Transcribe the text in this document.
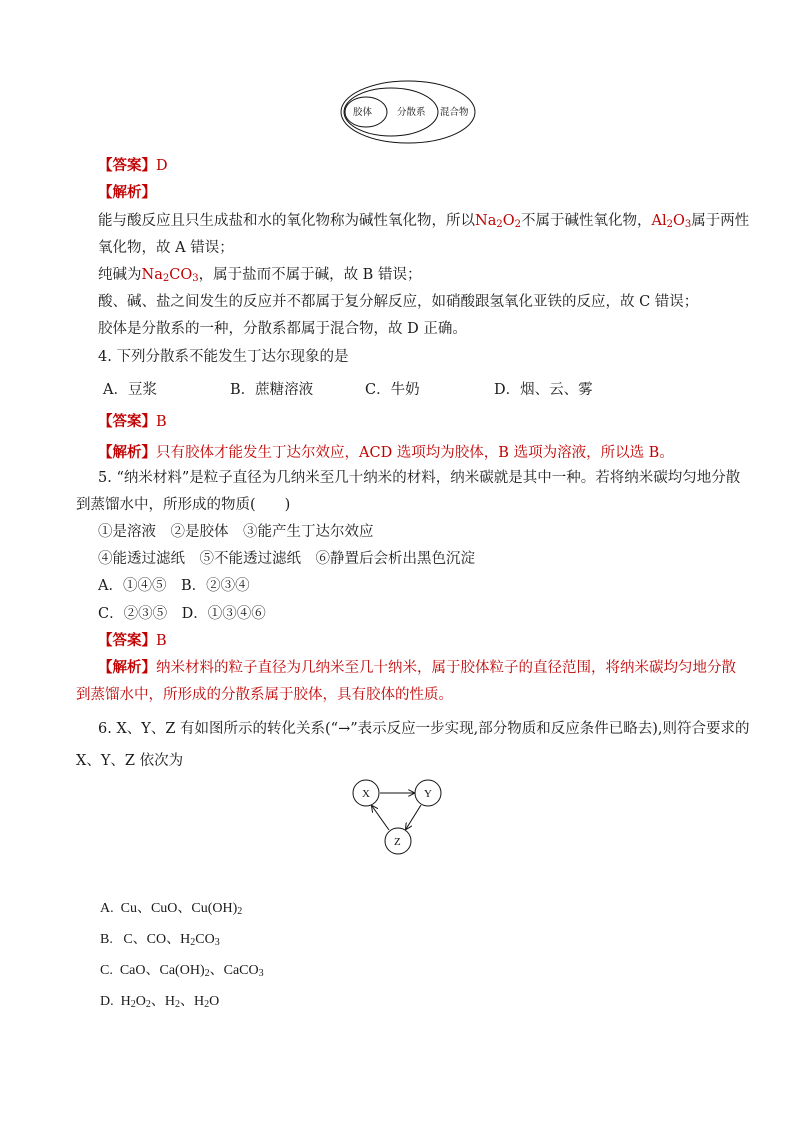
胶体	分散系 混合物
【答案】D
【解析】
能与酸反应且只生成盐和水的氧化物称为碱性氧化物，所以$Na_2O_2$不属于碱性氧化物，$Al_2O_3$属于两性
氧化物，故 A 错误；
纯碱为$Na_2CO_3$，属于盐而不属于碱，故 B 错误；
酸、碱、盐之间发生的反应并不都属于复分解反应，如硝酸跟氢氧化亚铁的反应，故 C 错误；
胶体是分散系的一种，分散系都属于混合物，故 D 正确。
4. 下列分散系不能发生丁达尔现象的是
A．豆浆	B．蔗糖溶液	C．牛奶	D．烟、云、雾
【答案】B
【解析】只有胶体才能发生丁达尔效应，ACD 选项均为胶体，B 选项为溶液，所以选 B。
5. “纳米材料”是粒子直径为几纳米至几十纳米的材料，纳米碳就是其中一种。若将纳米碳均匀地分散
到蒸馏水中，所形成的物质(　　)
①是溶液　②是胶体　③能产生丁达尔效应
④能透过滤纸　⑤不能透过滤纸　⑥静置后会析出黑色沉淀
A．①④⑤　B．②③④
C．②③⑤　D．①③④⑥
【答案】B
【解析】纳米材料的粒子直径为几纳米至几十纳米，属于胶体粒子的直径范围，将纳米碳均匀地分散
到蒸馏水中，所形成的分散系属于胶体，具有胶体的性质。
6. X、Y、Z 有如图所示的转化关系(“→”表示反应一步实现,部分物质和反应条件已略去),则符合要求的
X、Y、Z 依次为
X	Y
Z
A. Cu、CuO、$Cu(OH)_2$
B. C、CO、$H_2CO_3$
C. CaO、$Ca(OH)_2$、CaCO$_3$
D. $H_2O_2$、$H_2$、$H_2O$
